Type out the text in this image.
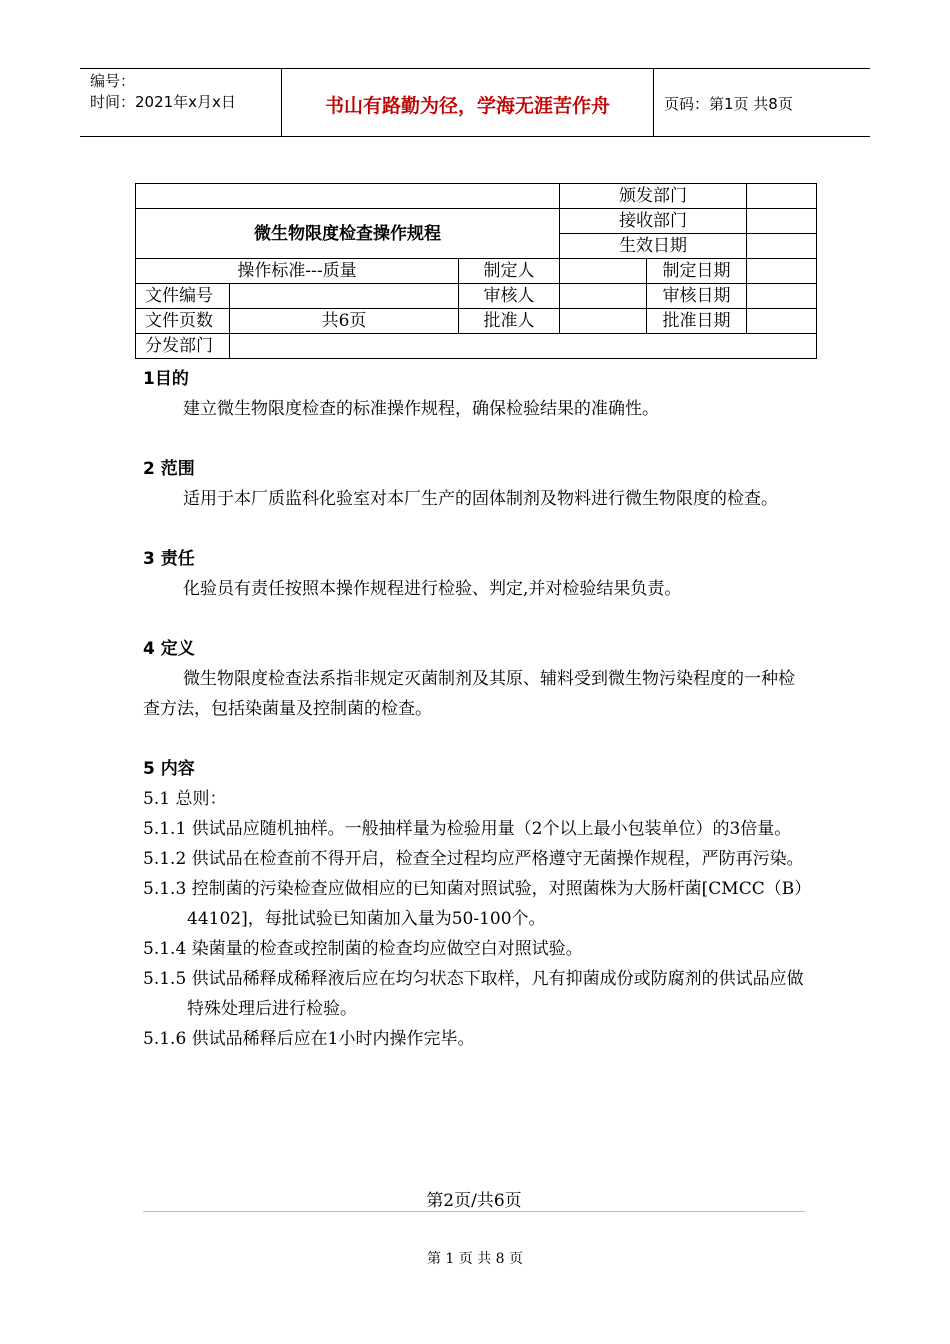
编号：
时间：2021年x月x日	书山有路勤为径，学海无涯苦作舟	页码：第1页 共8页
			颁发部门		
微生物限度检查操作规程			接收部门		
			生效日期		
操作标准---质量		制定人		制定日期	
文件编号		审核人		审核日期	
文件页数	共6页	批准人		批准日期	
分发部门					
1目的
建立微生物限度检查的标准操作规程，确保检验结果的准确性。
2 范围
适用于本厂质监科化验室对本厂生产的固体制剂及物料进行微生物限度的检查。
3 责任
化验员有责任按照本操作规程进行检验、判定,并对检验结果负责。
4 定义
微生物限度检查法系指非规定灭菌制剂及其原、辅料受到微生物污染程度的一种检查方法，包括染菌量及控制菌的检查。
5 内容
5.1 总则：
5.1.1 供试品应随机抽样。一般抽样量为检验用量（2个以上最小包装单位）的3倍量。
5.1.2 供试品在检查前不得开启，检查全过程均应严格遵守无菌操作规程，严防再污染。
5.1.3 控制菌的污染检查应做相应的已知菌对照试验，对照菌株为大肠杆菌[CMCC（B）44102]，每批试验已知菌加入量为50-100个。
5.1.4 染菌量的检查或控制菌的检查均应做空白对照试验。
5.1.5 供试品稀释成稀释液后应在均匀状态下取样，凡有抑菌成份或防腐剂的供试品应做特殊处理后进行检验。
5.1.6 供试品稀释后应在1小时内操作完毕。
第2页/共6页
第 1 页 共 8 页
